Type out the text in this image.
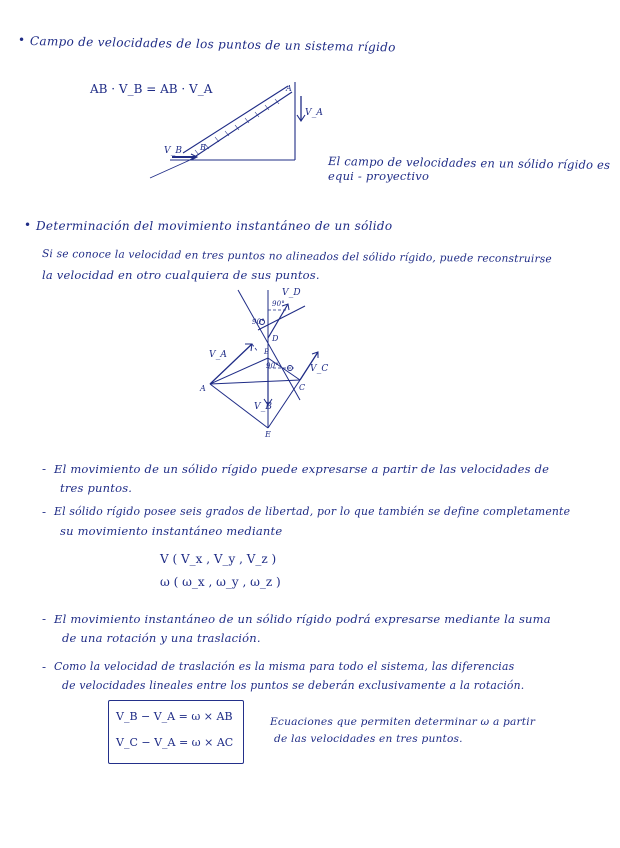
• Campo de velocidades de los puntos de un sistema rígido
AB · V_B = AB · V_A	A
B
V_A
V_B
El campo de velocidades en un sólido rígido es
equi - proyectivo
• Determinación del movimiento instantáneo de un sólido
Si se conoce la velocidad en tres puntos no alineados del sólido rígido, puede reconstruirse
la velocidad en otro cualquiera de sus puntos.
A
B
C
D
E
V_A
V_B
V_C
V_D
90°
90°
90°
- El movimiento de un sólido rígido puede expresarse a partir de las velocidades de
tres puntos.
- El sólido rígido posee seis grados de libertad, por lo que también se define completamente
su movimiento instantáneo mediante
V ( V_x , V_y , V_z )
ω ( ω_x , ω_y , ω_z )
- El movimiento instantáneo de un sólido rígido podrá expresarse mediante la suma
de una rotación y una traslación.
- Como la velocidad de traslación es la misma para todo el sistema, las diferencias
de velocidades lineales entre los puntos se deberán exclusivamente a la rotación.
V_B − V_A = ω × AB
V_C − V_A = ω × AC
Ecuaciones que permiten determinar ω a partir
de las velocidades en tres puntos.
